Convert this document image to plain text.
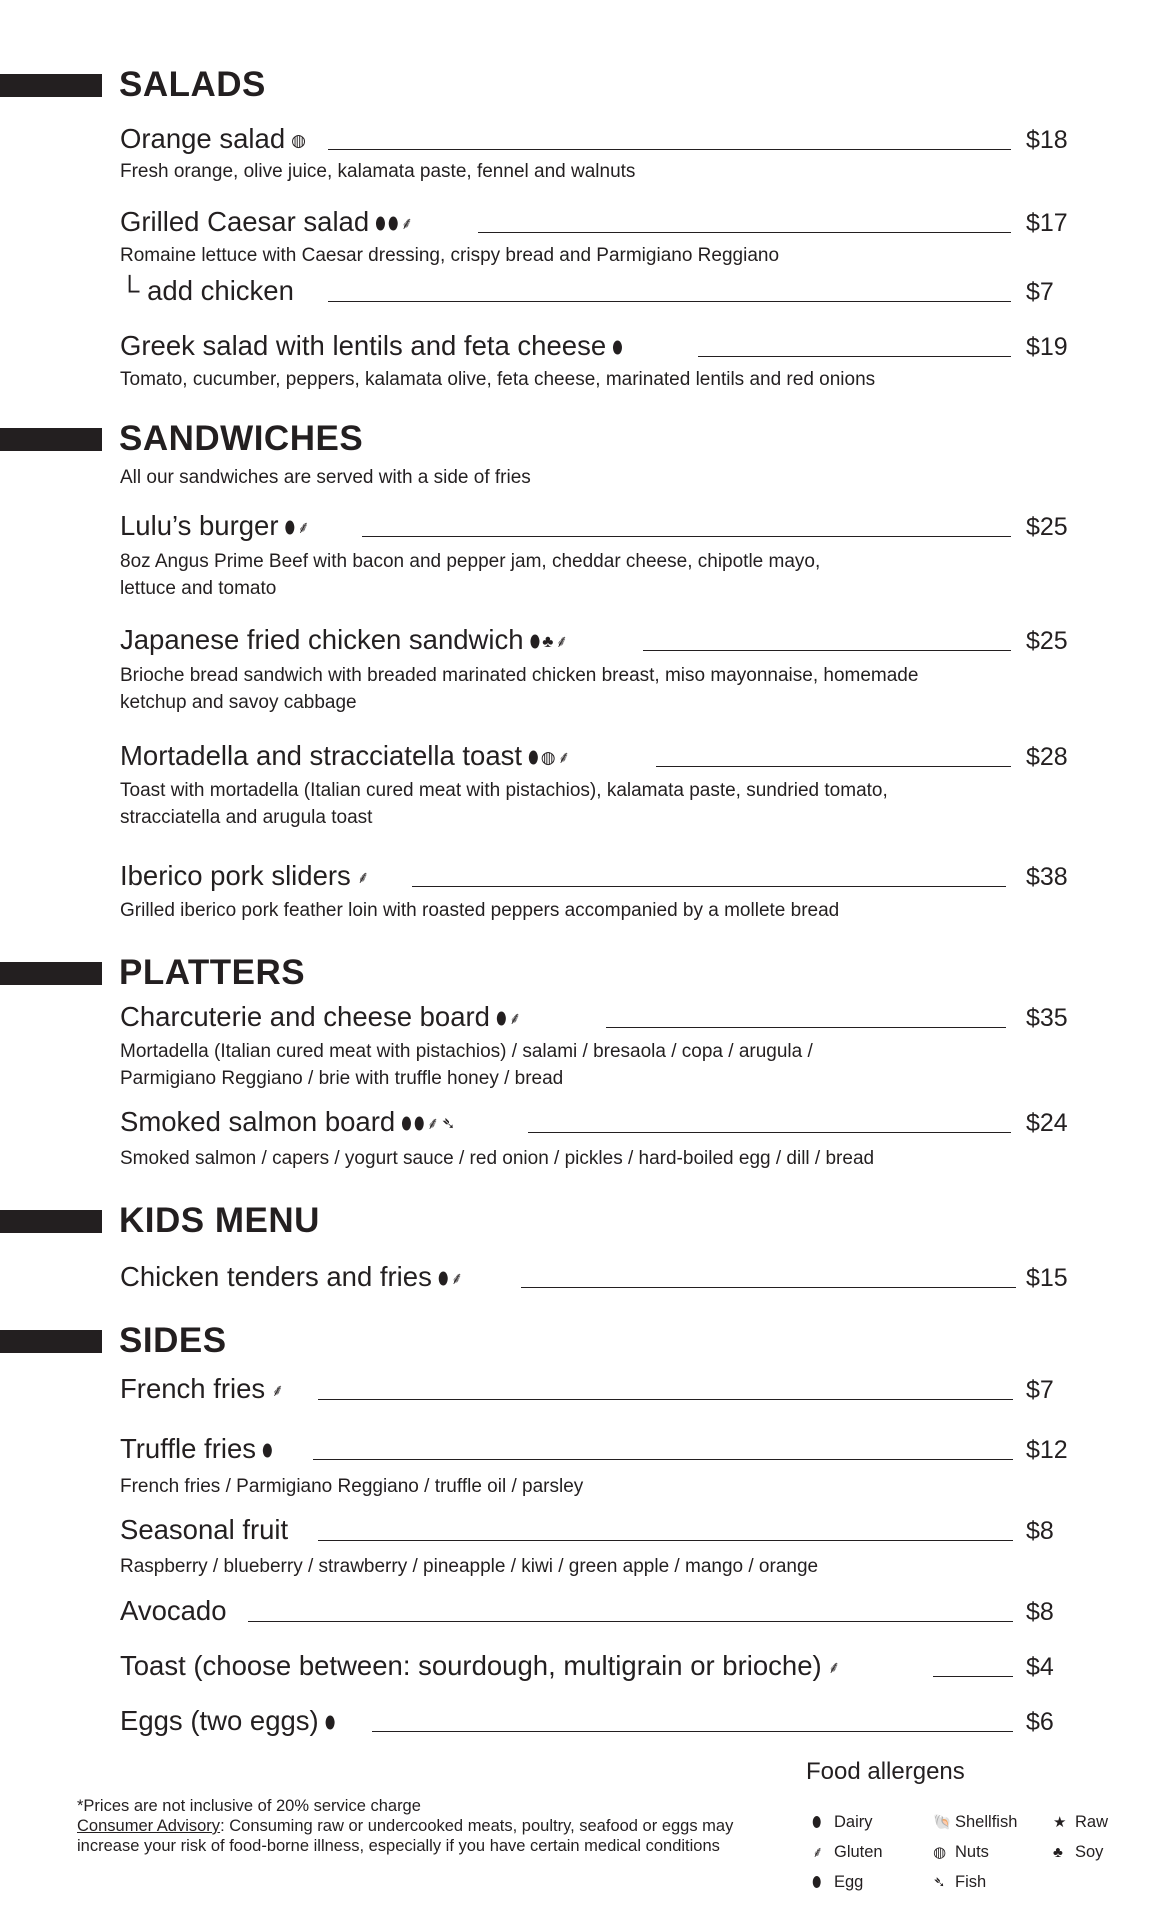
SALADS
Orange salad ◍	$18
Fresh orange, olive juice, kalamata paste, fennel and walnuts
Grilled Caesar salad ⬮⬮⸙	$17
Romaine lettuce with Caesar dressing, crispy bread and Parmigiano Reggiano
└ add chicken	$7
Greek salad with lentils and feta cheese ⬮	$19
Tomato, cucumber, peppers, kalamata olive, feta cheese, marinated lentils and red onions
SANDWICHES
All our sandwiches are served with a side of fries
Lulu’s burger ⬮⸙	$25
8oz Angus Prime Beef with bacon and pepper jam, cheddar cheese, chipotle mayo,
lettuce and tomato
Japanese fried chicken sandwich ⬮♣⸙	$25
Brioche bread sandwich with breaded marinated chicken breast, miso mayonnaise, homemade
ketchup and savoy cabbage
Mortadella and stracciatella toast ⬮◍⸙	$28
Toast with mortadella (Italian cured meat with pistachios), kalamata paste, sundried tomato,
stracciatella and arugula toast
Iberico pork sliders ⸙	$38
Grilled iberico pork feather loin with roasted peppers accompanied by a mollete bread
PLATTERS
Charcuterie and cheese board ⬮⸙	$35
Mortadella (Italian cured meat with pistachios) / salami / bresaola / copa / arugula /
Parmigiano Reggiano / brie with truffle honey / bread
Smoked salmon board ⬮⬮⸙➴	$24
Smoked salmon / capers / yogurt sauce / red onion / pickles / hard-boiled egg / dill / bread
KIDS MENU
Chicken tenders and fries ⬮⸙	$15
SIDES
French fries ⸙	$7
Truffle fries ⬮	$12
French fries / Parmigiano Reggiano / truffle oil / parsley
Seasonal fruit	$8
Raspberry / blueberry / strawberry / pineapple / kiwi / green apple / mango / orange
Avocado	$8
Toast (choose between: sourdough, multigrain or brioche) ⸙	$4
Eggs (two eggs) ⬮	$6
*Prices are not inclusive of 20% service charge
Consumer Advisory: Consuming raw or undercooked meats, poultry, seafood or eggs may increase your risk of food-borne illness, especially if you have certain medical conditions
Food allergens
⬮ Dairy
⸙ Gluten
⬮ Egg
🐚 Shellfish
◍ Nuts
➴ Fish
★ Raw
♣ Soy
